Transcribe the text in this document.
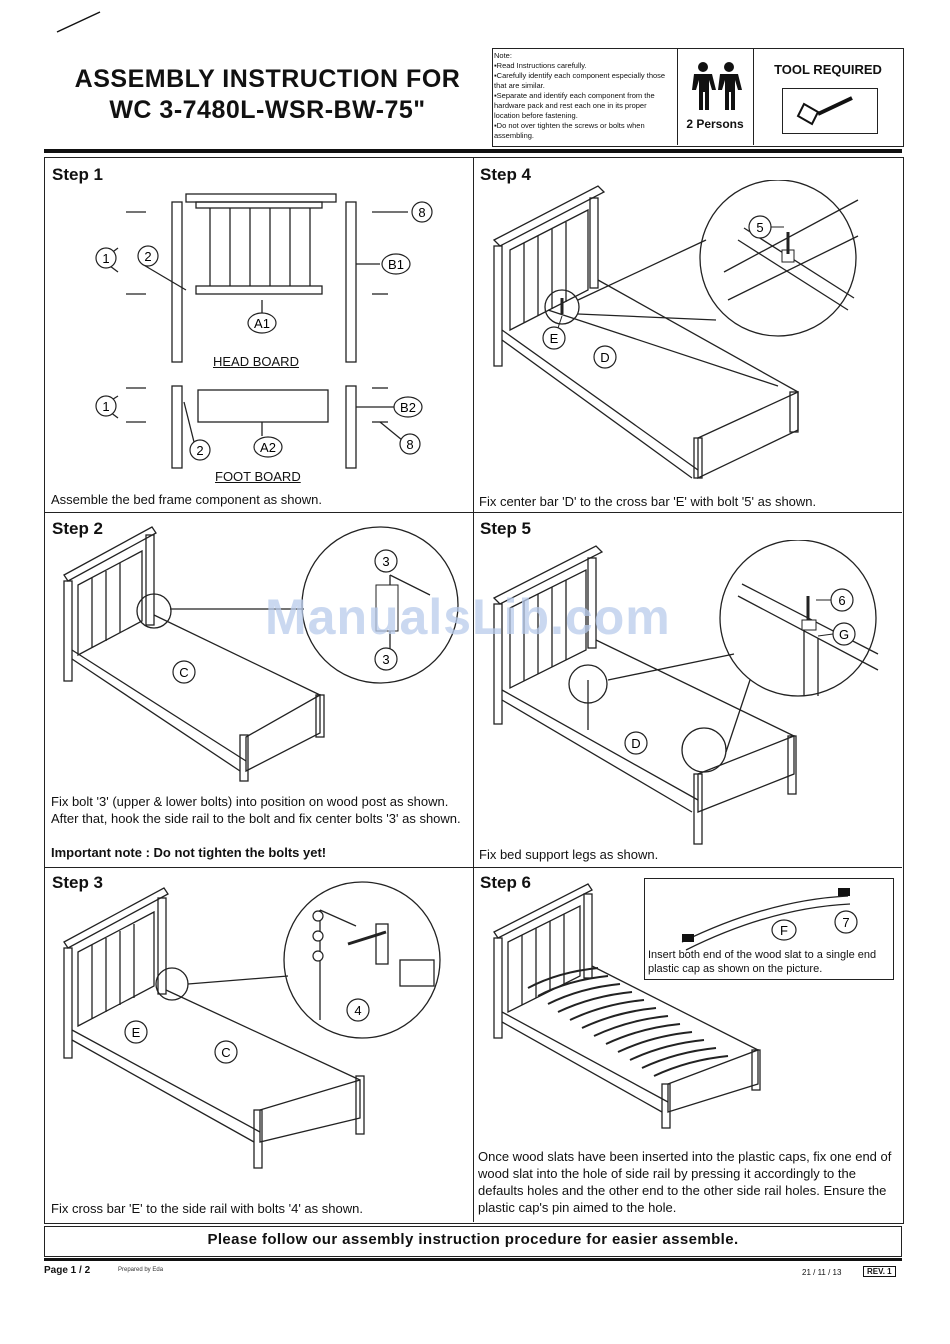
ASSEMBLY INSTRUCTION FOR
WC 3-7480L-WSR-BW-75"
Note:
▪Read Instructions carefully.
▪Carefully identify each component especially those that are similar.
▪Separate and identify each component from the hardware pack and rest each one in its proper location before fastening.
▪Do not over tighten the screws or bolts when assembling.
2 Persons
TOOL REQUIRED
Step 1	Step 4
Step 2	Step 5
Step 3	Step 6
1	2
A1
B1
8
1
2	A2
B2
8
HEAD BOARD
FOOT BOARD
Assemble the bed frame component as shown.
E
D
5
Fix center bar 'D' to the cross bar 'E' with bolt '5' as shown.
C
3
3
Fix bolt '3' (upper & lower bolts) into position on wood post as shown. After that, hook the side rail to the bolt and fix center bolts '3' as shown.
Important note : Do not tighten the bolts yet!
D
6
G
Fix bed support legs as shown.
E
C
4
Fix cross bar 'E' to the side rail with bolts '4' as shown.
F
7
Insert both end of the wood slat to a single end plastic cap as shown on the picture.
Once wood slats have been inserted into the plastic caps, fix one end of wood slat into the hole of side rail by pressing it accordingly to the defaults holes and the other end to the other side rail holes. Ensure the plastic cap's pin aimed to the hole.
ManualsLib.com
Please follow our assembly instruction procedure for easier assemble.
Page 1 / 2	Prepared by Eda	21 / 11 / 13	REV. 1
